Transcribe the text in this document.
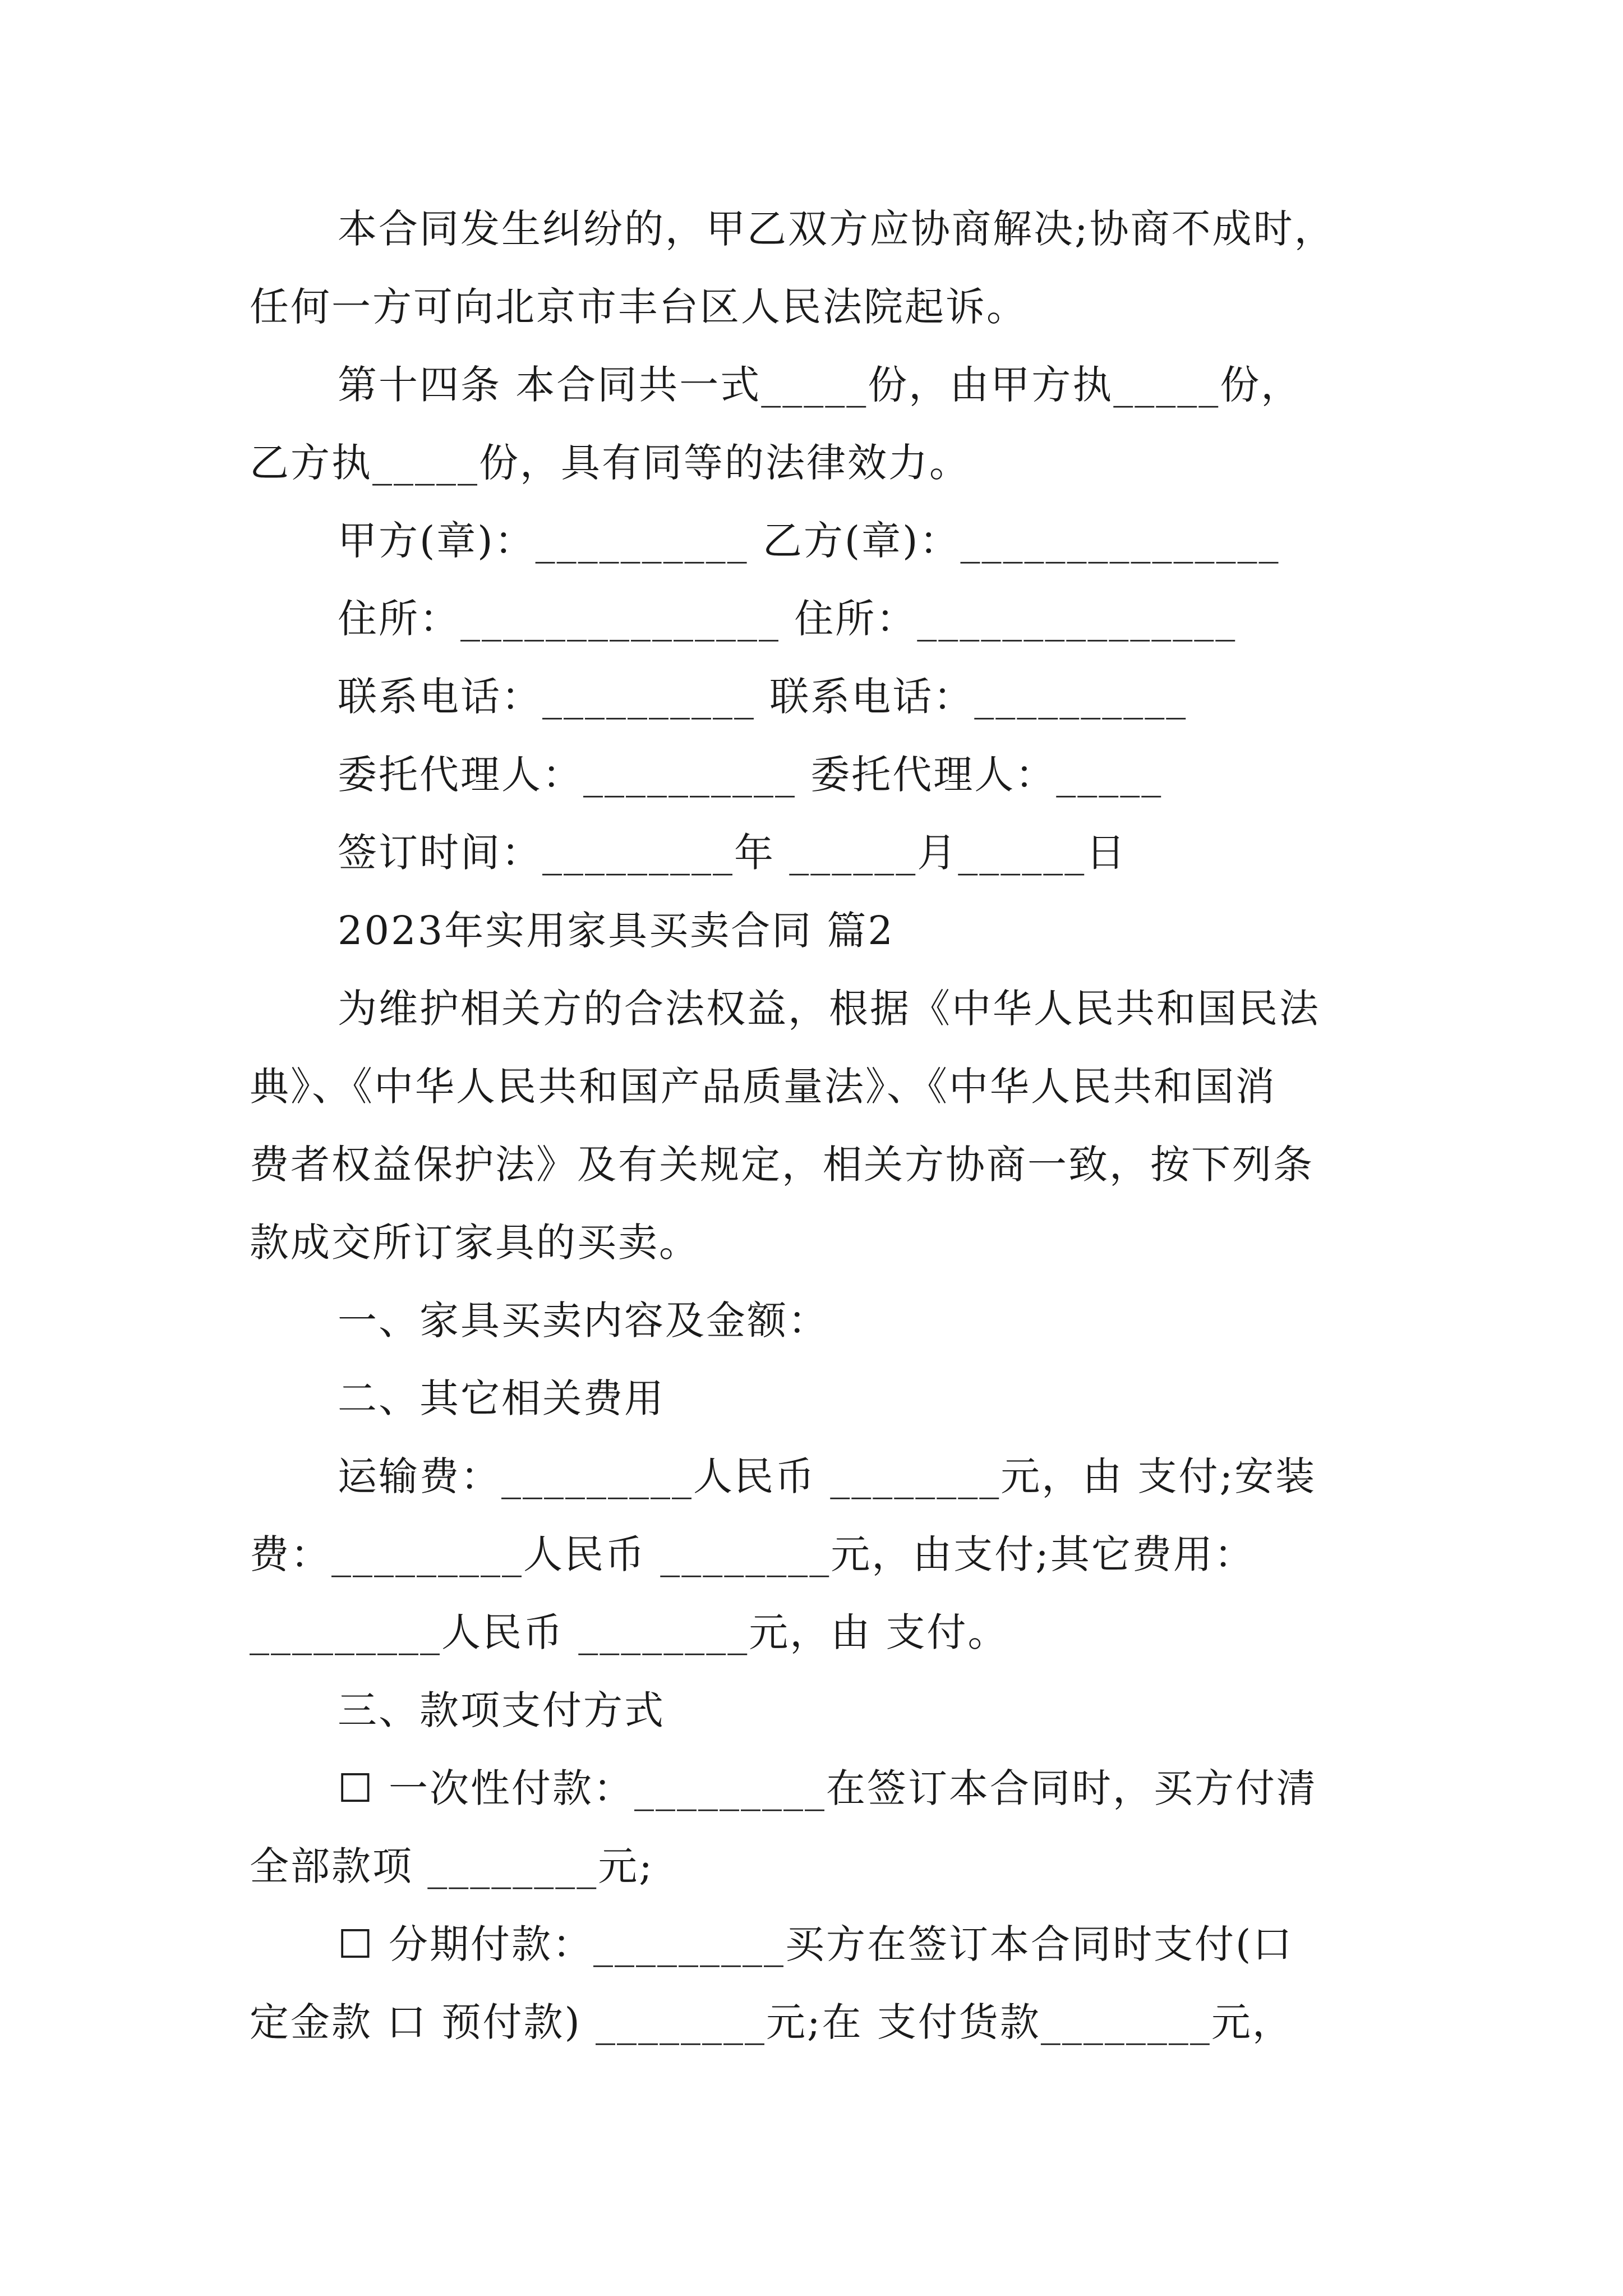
本合同发生纠纷的，甲乙双方应协商解决;协商不成时，
任何一方可向北京市丰台区人民法院起诉。
第十四条 本合同共一式_____份，由甲方执_____份，
乙方执_____份，具有同等的法律效力。
甲方(章)：__________ 乙方(章)：_______________
住所：_______________ 住所：_______________
联系电话：__________ 联系电话：__________
委托代理人：__________ 委托代理人：_____
签订时间：_________年 ______月______日
2023年实用家具买卖合同 篇2
为维护相关方的合法权益，根据《中华人民共和国民法
典》、《中华人民共和国产品质量法》、《中华人民共和国消
费者权益保护法》及有关规定，相关方协商一致，按下列条
款成交所订家具的买卖。
一、家具买卖内容及金额：
二、其它相关费用
运输费：_________人民币 ________元，由 支付;安装
费：_________人民币 ________元，由支付;其它费用：
_________人民币 ________元，由 支付。
三、款项支付方式
☐ 一次性付款：_________在签订本合同时，买方付清
全部款项 ________元;
☐ 分期付款：_________买方在签订本合同时支付(口
定金款 口 预付款) ________元;在 支付货款________元，
